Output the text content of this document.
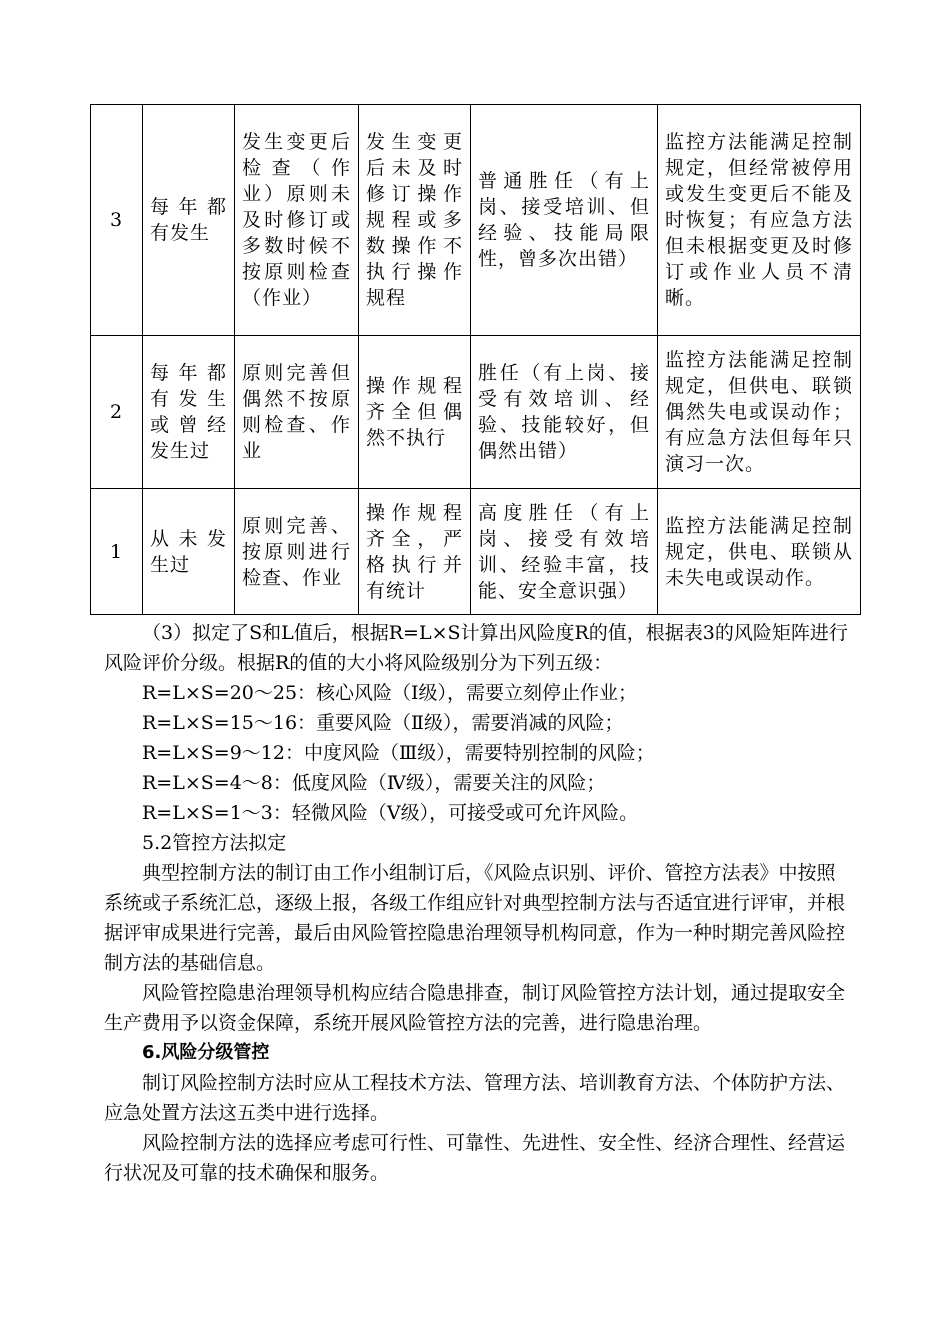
3	每年都有发生	发生变更后检查（作业）原则未及时修订或多数时候不按原则检查（作业）	发生变更后未及时修订操作规程或多数操作不执行操作规程	普通胜任（有上岗、接受培训、但经验、技能局限性，曾多次出错）	监控方法能满足控制规定，但经常被停用或发生变更后不能及时恢复；有应急方法但未根据变更及时修订或作业人员不清晰。
2	每年都有发生或曾经发生过	原则完善但偶然不按原则检查、作业	操作规程齐全但偶然不执行	胜任（有上岗、接受有效培训、经验、技能较好，但偶然出错）	监控方法能满足控制规定，但供电、联锁偶然失电或误动作；有应急方法但每年只演习一次。
1	从未发生过	原则完善、按原则进行检查、作业	操作规程齐全，严格执行并有统计	高度胜任（有上岗、接受有效培训、经验丰富，技能、安全意识强）	监控方法能满足控制规定，供电、联锁从未失电或误动作。

（3）拟定了S和L值后，根据R=L×S计算出风险度R的值，根据表3的风险矩阵进行风险评价分级。根据R的值的大小将风险级别分为下列五级：

R=L×S=20～25：核心风险（Ⅰ级），需要立刻停止作业；

R=L×S=15～16：重要风险（Ⅱ级），需要消减的风险；

R=L×S=9～12：中度风险（Ⅲ级），需要特别控制的风险；

R=L×S=4～8：低度风险（Ⅳ级），需要关注的风险；

R=L×S=1～3：轻微风险（Ⅴ级），可接受或可允许风险。

5.2管控方法拟定

典型控制方法的制订由工作小组制订后，《风险点识别、评价、管控方法表》中按照系统或子系统汇总，逐级上报，各级工作组应针对典型控制方法与否适宜进行评审，并根据评审成果进行完善，最后由风险管控隐患治理领导机构同意，作为一种时期完善风险控制方法的基础信息。

风险管控隐患治理领导机构应结合隐患排查，制订风险管控方法计划，通过提取安全生产费用予以资金保障，系统开展风险管控方法的完善，进行隐患治理。

6.风险分级管控

制订风险控制方法时应从工程技术方法、管理方法、培训教育方法、个体防护方法、应急处置方法这五类中进行选择。

风险控制方法的选择应考虑可行性、可靠性、先进性、安全性、经济合理性、经营运行状况及可靠的技术确保和服务。
